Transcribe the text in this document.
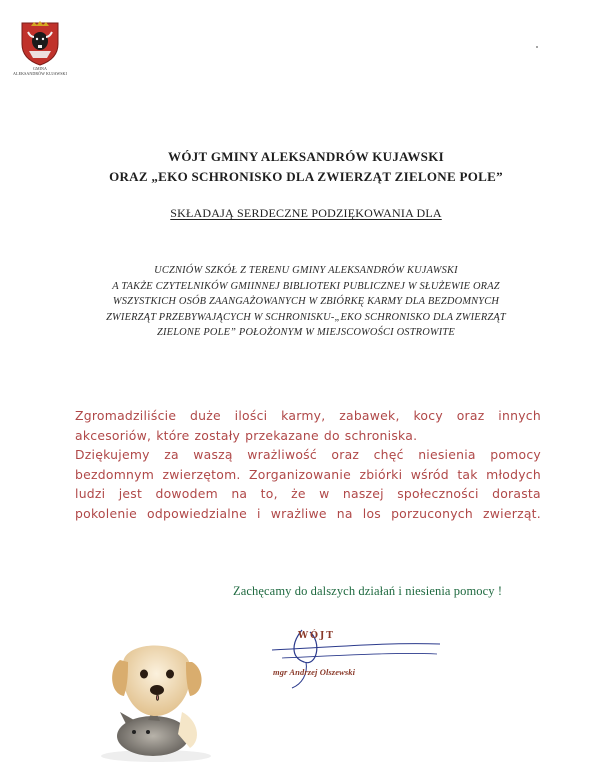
GMINA
ALEKSANDRÓW KUJAWSKI
WÓJT GMINY ALEKSANDRÓW KUJAWSKI
ORAZ „EKO SCHRONISKO DLA ZWIERZĄT ZIELONE POLE”
SKŁADAJĄ SERDECZNE PODZIĘKOWANIA DLA
UCZNIÓW SZKÓŁ Z TERENU GMINY ALEKSANDRÓW KUJAWSKI
A TAKŻE CZYTELNIKÓW GMIINNEJ BIBLIOTEKI PUBLICZNEJ W SŁUŻEWIE ORAZ
WSZYSTKICH OSÓB ZAANGAŻOWANYCH W ZBIÓRKĘ KARMY DLA BEZDOMNYCH
ZWIERZĄT PRZEBYWAJĄCYCH W SCHRONISKU-„EKO SCHRONISKO DLA ZWIERZĄT
ZIELONE POLE” POŁOŻONYM W MIEJSCOWOŚCI OSTROWITE
Zgromadziliście duże ilości karmy, zabawek, kocy oraz innych
akcesoriów, które zostały przekazane do schroniska.
Dziękujemy za waszą wrażliwość oraz chęć niesienia pomocy
bezdomnym zwierzętom. Zorganizowanie zbiórki wśród tak młodych
ludzi jest dowodem na to, że w naszej społeczności dorasta
pokolenie odpowiedzialne i wrażliwe na los porzuconych zwierząt.
Zachęcamy do dalszych działań i niesienia pomocy !
WÓJT
mgr Andrzej Olszewski
